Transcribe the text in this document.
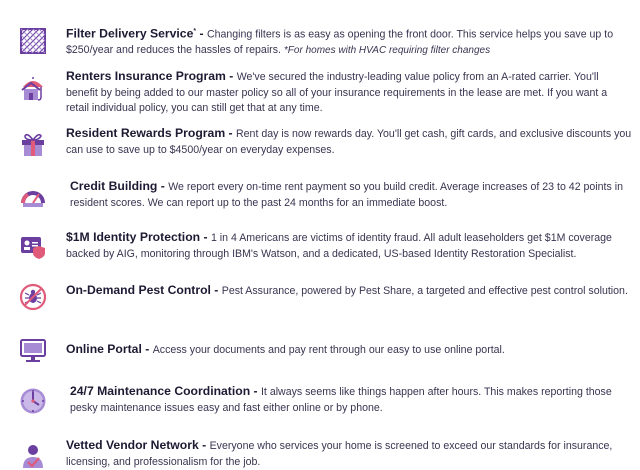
Filter Delivery Service* - Changing filters is as easy as opening the front door. This service helps you save up to $250/year and reduces the hassles of repairs. *For homes with HVAC requiring filter changes
Renters Insurance Program - We've secured the industry-leading value policy from an A-rated carrier. You'll benefit by being added to our master policy so all of your insurance requirements in the lease are met. If you want a retail individual policy, you can still get that at any time.
Resident Rewards Program - Rent day is now rewards day. You'll get cash, gift cards, and exclusive discounts you can use to save up to $4500/year on everyday expenses.
Credit Building - We report every on-time rent payment so you build credit. Average increases of 23 to 42 points in resident scores. We can report up to the past 24 months for an immediate boost.
$1M Identity Protection - 1 in 4 Americans are victims of identity fraud. All adult leaseholders get $1M coverage backed by AIG, monitoring through IBM's Watson, and a dedicated, US-based Identity Restoration Specialist.
On-Demand Pest Control - Pest Assurance, powered by Pest Share, a targeted and effective pest control solution.
Online Portal - Access your documents and pay rent through our easy to use online portal.
24/7 Maintenance Coordination - It always seems like things happen after hours. This makes reporting those pesky maintenance issues easy and fast either online or by phone.
Vetted Vendor Network - Everyone who services your home is screened to exceed our standards for insurance, licensing, and professionalism for the job.
